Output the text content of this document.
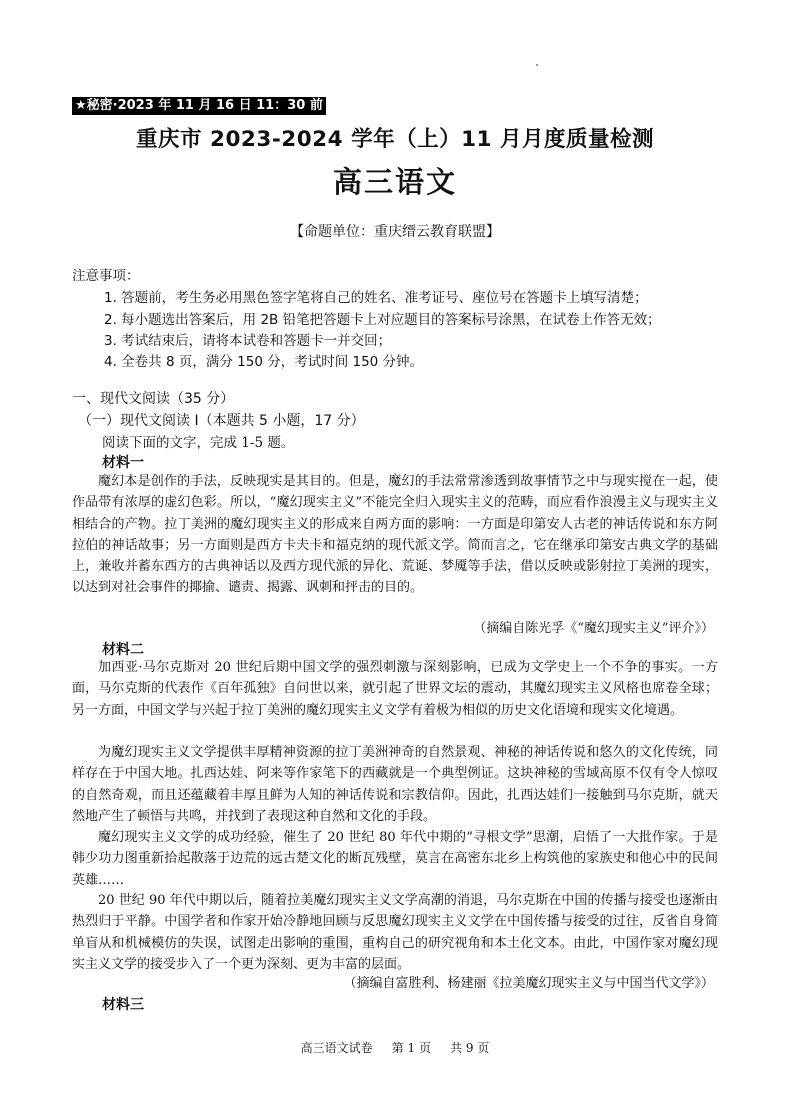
★秘密·2023 年 11 月 16 日 11：30 前
重庆市 2023-2024 学年（上）11 月月度质量检测
高三语文
【命题单位：重庆缙云教育联盟】
注意事项：
1. 答题前，考生务必用黑色签字笔将自己的姓名、准考证号、座位号在答题卡上填写清楚；
2. 每小题选出答案后，用 2B 铅笔把答题卡上对应题目的答案标号涂黑，在试卷上作答无效；
3. 考试结束后，请将本试卷和答题卡一并交回；
4. 全卷共 8 页，满分 150 分，考试时间 150 分钟。
一、现代文阅读（35 分）
（一）现代文阅读 I（本题共 5 小题，17 分）
阅读下面的文字，完成 1-5 题。
材料一

魔幻本是创作的手法，反映现实是其目的。但是，魔幻的手法常常渗透到故事情节之中与现实搅在一起，使作品带有浓厚的虚幻色彩。所以，“魔幻现实主义”不能完全归入现实主义的范畴，而应看作浪漫主义与现实主义相结合的产物。拉丁美洲的魔幻现实主义的形成来自两方面的影响：一方面是印第安人古老的神话传说和东方阿拉伯的神话故事；另一方面则是西方卡夫卡和福克纳的现代派文学。简而言之，它在继承印第安古典文学的基础上，兼收并蓄东西方的古典神话以及西方现代派的异化、荒诞、梦魇等手法，借以反映或影射拉丁美洲的现实，以达到对社会事件的揶揄、谴责、揭露、讽刺和抨击的目的。

（摘编自陈光孚《“魔幻现实主义”评介》）
材料二

加西亚·马尔克斯对 20 世纪后期中国文学的强烈刺激与深刻影响，已成为文学史上一个不争的事实。一方面，马尔克斯的代表作《百年孤独》自问世以来，就引起了世界文坛的震动，其魔幻现实主义风格也席卷全球；另一方面，中国文学与兴起于拉丁美洲的魔幻现实主义文学有着极为相似的历史文化语境和现实文化境遇。

为魔幻现实主义文学提供丰厚精神资源的拉丁美洲神奇的自然景观、神秘的神话传说和悠久的文化传统，同样存在于中国大地。扎西达娃、阿来等作家笔下的西藏就是一个典型例证。这块神秘的雪域高原不仅有令人惊叹的自然奇观，而且还蕴藏着丰厚且鲜为人知的神话传说和宗教信仰。因此，扎西达娃们一接触到马尔克斯，就天然地产生了顿悟与共鸣，并找到了表现这种自然和文化的手段。

魔幻现实主义文学的成功经验，催生了 20 世纪 80 年代中期的“寻根文学”思潮，启悟了一大批作家。于是韩少功力图重新拾起散落于边荒的远古楚文化的断瓦残壁，莫言在高密东北乡上构筑他的家族史和他心中的民间英雄……

20 世纪 90 年代中期以后，随着拉美魔幻现实主义文学高潮的消退，马尔克斯在中国的传播与接受也逐渐由热烈归于平静。中国学者和作家开始冷静地回顾与反思魔幻现实主义文学在中国传播与接受的过往，反省自身简单盲从和机械模仿的失误，试图走出影响的重围，重构自己的研究视角和本土化文本。由此，中国作家对魔幻现实主义文学的接受步入了一个更为深刻、更为丰富的层面。

（摘编自富胜利、杨建丽《拉美魔幻现实主义与中国当代文学》）
材料三
高三语文试卷 第 1 页 共 9 页
